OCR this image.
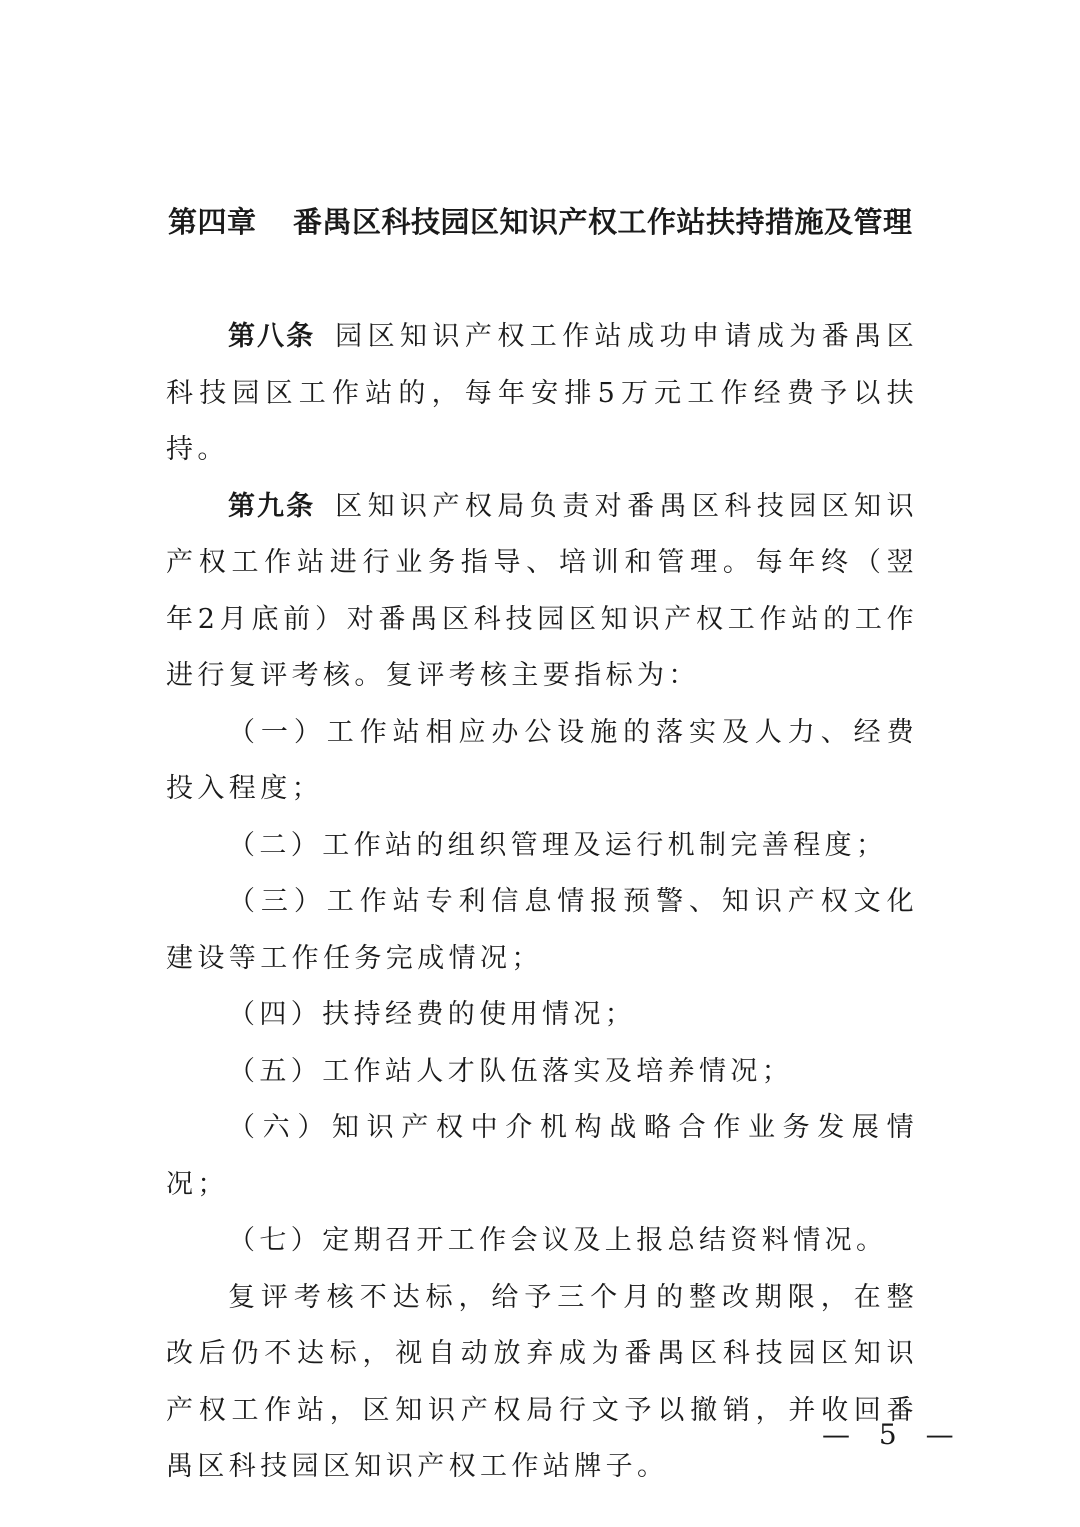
第四章 番禺区科技园区知识产权工作站扶持措施及管理

第八条 园区知识产权工作站成功申请成为番禺区科技园区工作站的，每年安排5万元工作经费予以扶持。

第九条 区知识产权局负责对番禺区科技园区知识产权工作站进行业务指导、培训和管理。每年终（翌年2月底前）对番禺区科技园区知识产权工作站的工作进行复评考核。复评考核主要指标为：

（一）工作站相应办公设施的落实及人力、经费投入程度；

（二）工作站的组织管理及运行机制完善程度；

（三）工作站专利信息情报预警、知识产权文化建设等工作任务完成情况；

（四）扶持经费的使用情况；

（五）工作站人才队伍落实及培养情况；

（六）知识产权中介机构战略合作业务发展情况；

（七）定期召开工作会议及上报总结资料情况。

复评考核不达标，给予三个月的整改期限，在整改后仍不达标，视自动放弃成为番禺区科技园区知识产权工作站，区知识产权局行文予以撤销，并收回番禺区科技园区知识产权工作站牌子。

— 5 —
